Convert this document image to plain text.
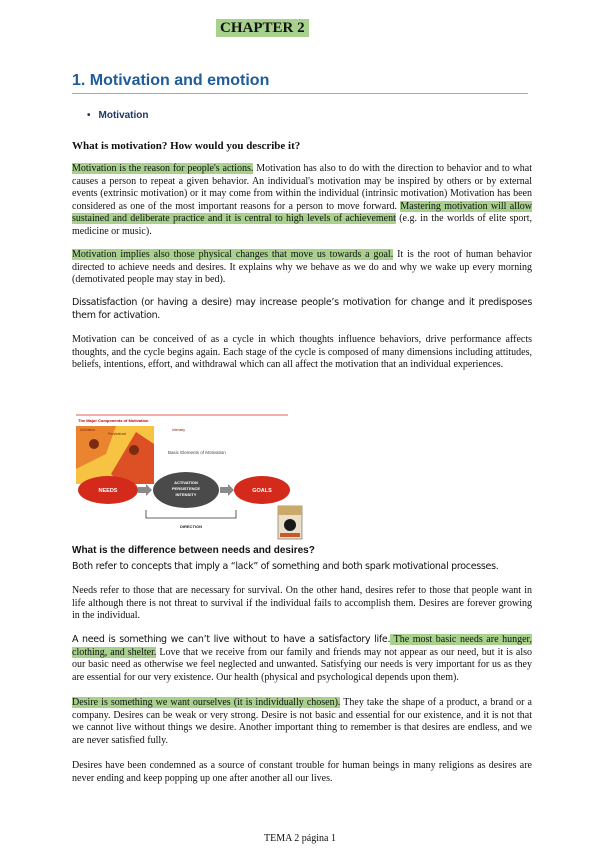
CHAPTER 2
1. Motivation and emotion
• Motivation
What is motivation? How would you describe it?
Motivation is the reason for people's actions. Motivation has also to do with the direction to behavior and to what causes a person to repeat a given behavior. An individual's motivation may be inspired by others or by external events (extrinsic motivation) or it may come from within the individual (intrinsic motivation) Motivation has been considered as one of the most important reasons for a person to move forward. Mastering motivation will allow sustained and deliberate practice and it is central to high levels of achievement (e.g. in the worlds of elite sport, medicine or music).
Motivation implies also those physical changes that move us towards a goal. It is the root of human behavior directed to achieve needs and desires. It explains why we behave as we do and why we wake up every morning (demotivated people may stay in bed).
Dissatisfaction (or having a desire) may increase people’s motivation for change and it predisposes them for activation.
Motivation can be conceived of as a cycle in which thoughts influence behaviors, drive performance affects thoughts, and the cycle begins again. Each stage of the cycle is composed of many dimensions including attitudes, beliefs, intentions, effort, and withdrawal which can all affect the motivation that an individual experiences.
The Major Components of Motivation
Activation
Persistence
Intensity
Basic Elements of Motivation
NEEDS
ACTIVATION
PERSISTENCE
INTENSITY
GOALS
DIRECTION
What is the difference between needs and desires?
Both refer to concepts that imply a “lack” of something and both spark motivational processes.
Needs refer to those that are necessary for survival. On the other hand, desires refer to those that people want in life although there is not threat to survival if the individual fails to accomplish them. Desires are forever growing in the individual.
A need is something we can’t live without to have a satisfactory life. The most basic needs are hunger, clothing, and shelter. Love that we receive from our family and friends may not appear as our need, but it is also our basic need as otherwise we feel neglected and unwanted. Satisfying our needs is very important for us as they are essential for our very existence. Our health (physical and psychological depends upon them).
Desire is something we want ourselves (it is individually chosen). They take the shape of a product, a brand or a company. Desires can be weak or very strong. Desire is not basic and essential for our existence, and it is not that we cannot live without things we desire. Another important thing to remember is that desires are endless, and we are never satisfied fully.
Desires have been condemned as a source of constant trouble for human beings in many religions as desires are never ending and keep popping up one after another all our lives.
TEMA 2 página 1
